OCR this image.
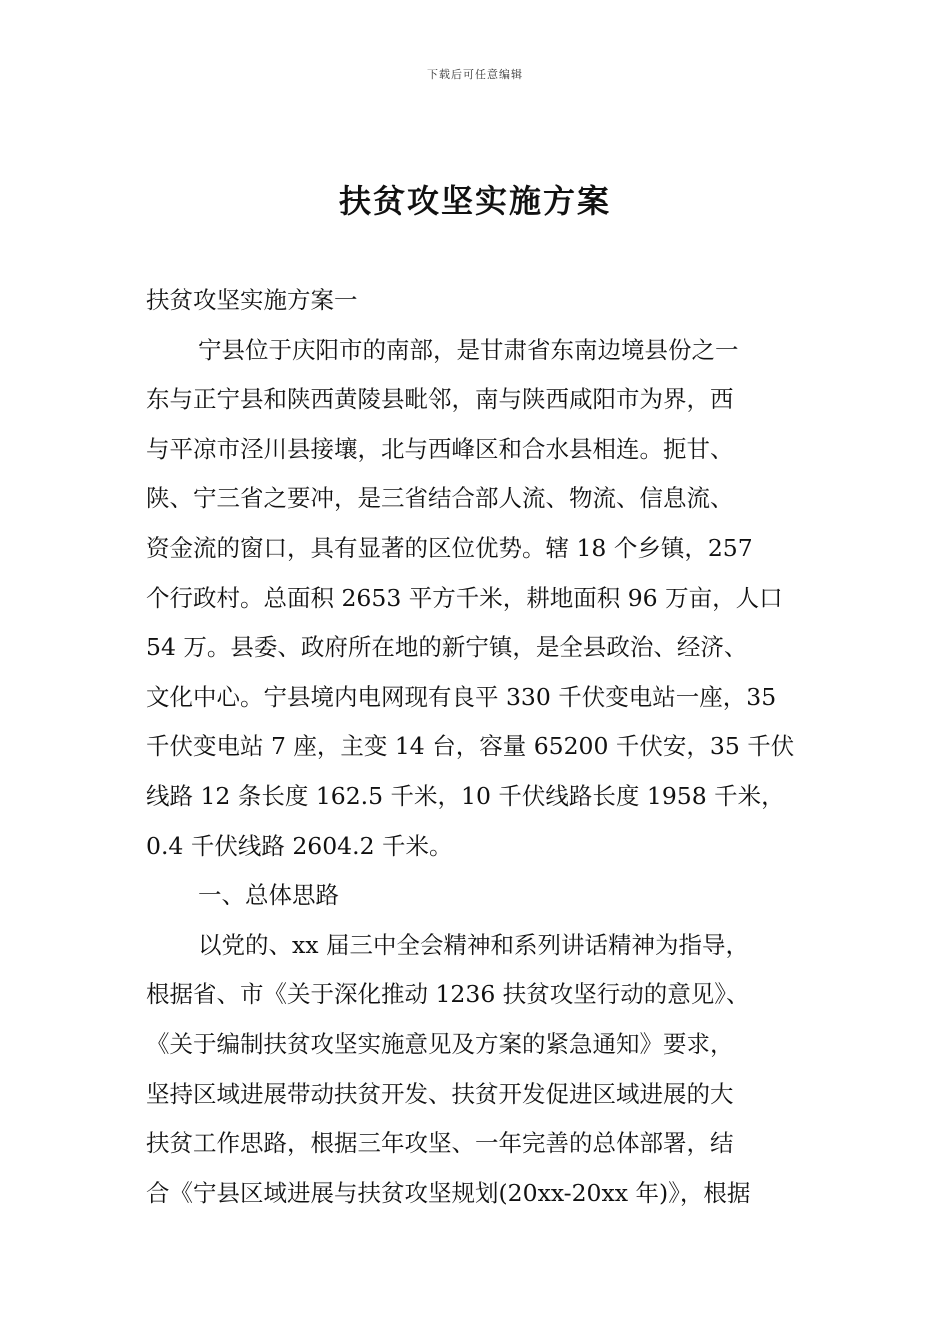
下载后可任意编辑
扶贫攻坚实施方案
扶贫攻坚实施方案一
宁县位于庆阳市的南部，是甘肃省东南边境县份之一
东与正宁县和陕西黄陵县毗邻，南与陕西咸阳市为界，西
与平凉市泾川县接壤，北与西峰区和合水县相连。扼甘、
陕、宁三省之要冲，是三省结合部人流、物流、信息流、
资金流的窗口，具有显著的区位优势。辖 18 个乡镇，257
个行政村。总面积 2653 平方千米，耕地面积 96 万亩，人口
54 万。县委、政府所在地的新宁镇，是全县政治、经济、
文化中心。宁县境内电网现有良平 330 千伏变电站一座，35
千伏变电站 7 座，主变 14 台，容量 65200 千伏安，35 千伏
线路 12 条长度 162.5 千米，10 千伏线路长度 1958 千米，
0.4 千伏线路 2604.2 千米。
一、总体思路
以党的、xx 届三中全会精神和系列讲话精神为指导，
根据省、市《关于深化推动 1236 扶贫攻坚行动的意见》、
《关于编制扶贫攻坚实施意见及方案的紧急通知》要求，
坚持区域进展带动扶贫开发、扶贫开发促进区域进展的大
扶贫工作思路，根据三年攻坚、一年完善的总体部署，结
合《宁县区域进展与扶贫攻坚规划(20xx-20xx 年)》，根据
